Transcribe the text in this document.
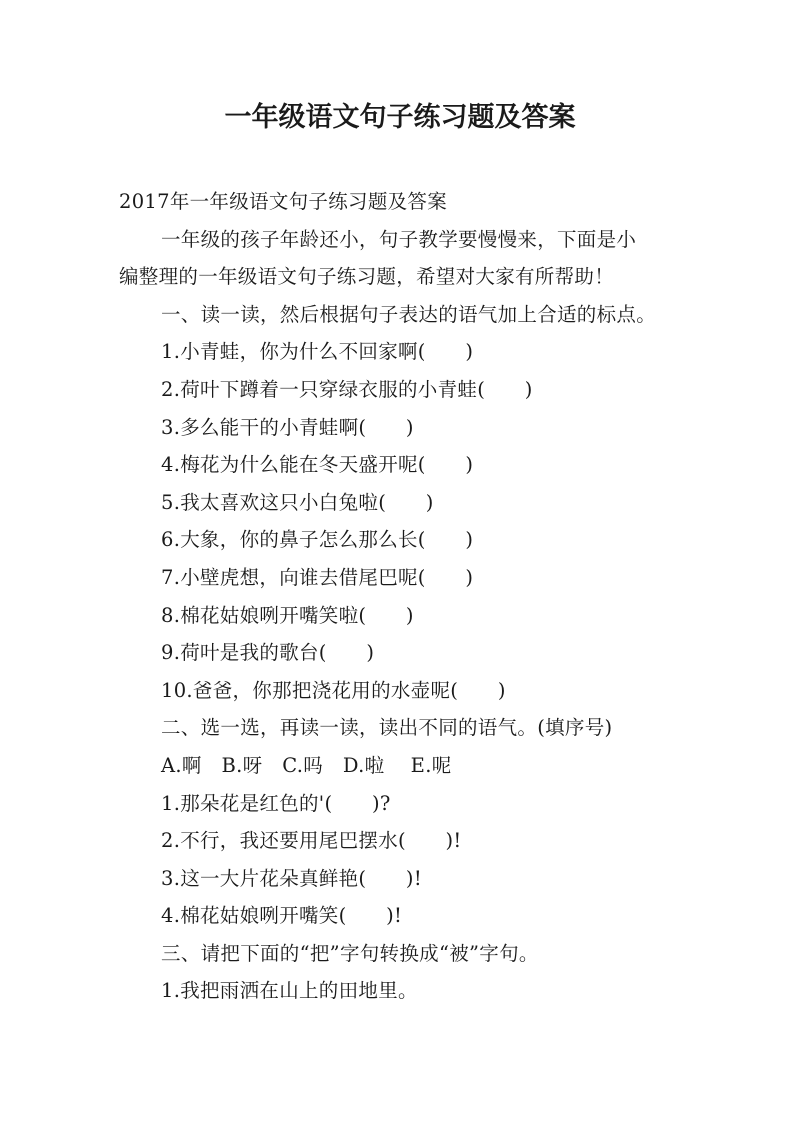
一年级语文句子练习题及答案

2017年一年级语文句子练习题及答案

一年级的孩子年龄还小，句子教学要慢慢来，下面是小

编整理的一年级语文句子练习题，希望对大家有所帮助！

一、读一读，然后根据句子表达的语气加上合适的标点。

1.小青蛙，你为什么不回家啊(　　)

2.荷叶下蹲着一只穿绿衣服的小青蛙(　　)

3.多么能干的小青蛙啊(　　)

4.梅花为什么能在冬天盛开呢(　　)

5.我太喜欢这只小白兔啦(　　)

6.大象，你的鼻子怎么那么长(　　)

7.小壁虎想，向谁去借尾巴呢(　　)

8.棉花姑娘咧开嘴笑啦(　　)

9.荷叶是我的歌台(　　)

10.爸爸，你那把浇花用的水壶呢(　　)

二、选一选，再读一读，读出不同的语气。(填序号)

A.啊　B.呀　C.吗　D.啦　 E.呢

1.那朵花是红色的'(　　)?

2.不行，我还要用尾巴摆水(　　)!

3.这一大片花朵真鲜艳(　　)!

4.棉花姑娘咧开嘴笑(　　)!

三、请把下面的“把”字句转换成“被”字句。

1.我把雨洒在山上的田地里。
